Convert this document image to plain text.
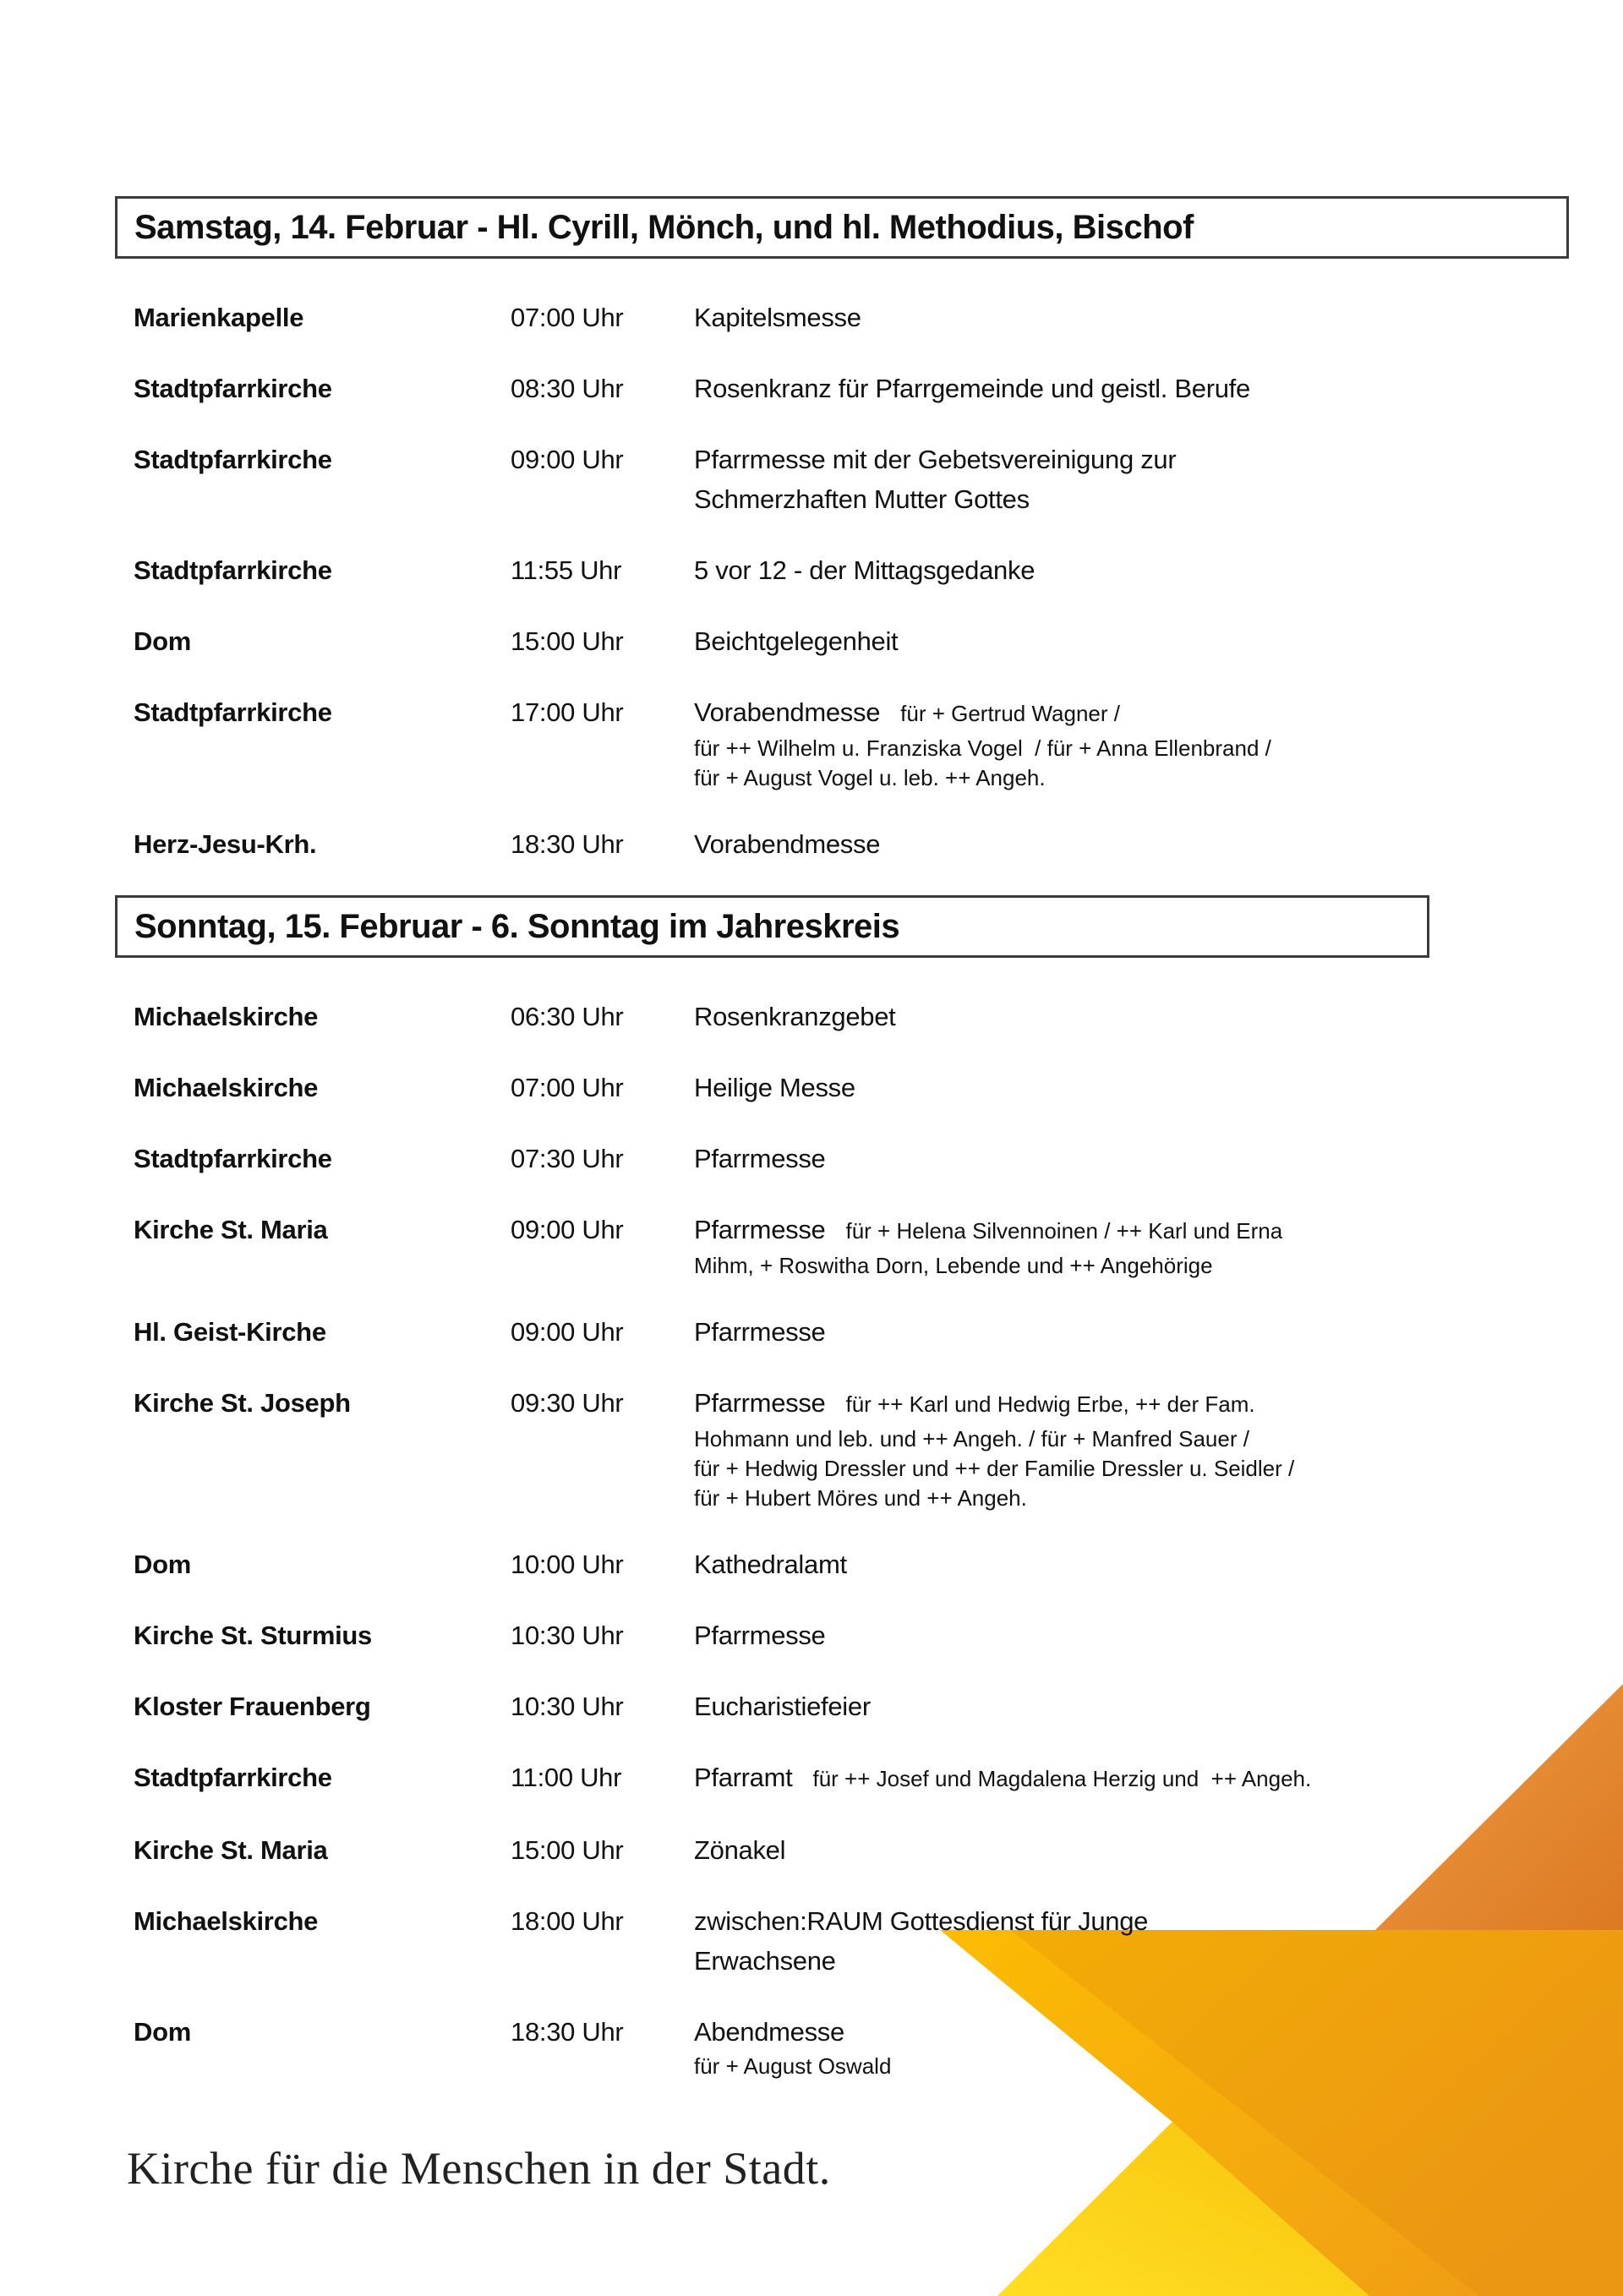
Samstag, 14. Februar - Hl. Cyrill, Mönch, und hl. Methodius, Bischof
Marienkapelle	07:00 Uhr	Kapitelsmesse
Stadtpfarrkirche	08:30 Uhr	Rosenkranz für Pfarrgemeinde und geistl. Berufe
Stadtpfarrkirche	09:00 Uhr	Pfarrmesse mit der Gebetsvereinigung zur
Schmerzhaften Mutter Gottes
Stadtpfarrkirche	11:55 Uhr	5 vor 12 - der Mittagsgedanke
Dom	15:00 Uhr	Beichtgelegenheit
Stadtpfarrkirche	17:00 Uhr	Vorabendmesse für + Gertrud Wagner /
für ++ Wilhelm u. Franziska Vogel  / für + Anna Ellenbrand /
für + August Vogel u. leb. ++ Angeh.
Herz-Jesu-Krh.	18:30 Uhr	Vorabendmesse
Sonntag, 15. Februar - 6. Sonntag im Jahreskreis
Michaelskirche	06:30 Uhr	Rosenkranzgebet
Michaelskirche	07:00 Uhr	Heilige Messe
Stadtpfarrkirche	07:30 Uhr	Pfarrmesse
Kirche St. Maria	09:00 Uhr	Pfarrmesse für + Helena Silvennoinen / ++ Karl und Erna
Mihm, + Roswitha Dorn, Lebende und ++ Angehörige
Hl. Geist-Kirche	09:00 Uhr	Pfarrmesse
Kirche St. Joseph	09:30 Uhr	Pfarrmesse für ++ Karl und Hedwig Erbe, ++ der Fam.
Hohmann und leb. und ++ Angeh. / für + Manfred Sauer /
für + Hedwig Dressler und ++ der Familie Dressler u. Seidler /
für + Hubert Möres und ++ Angeh.
Dom	10:00 Uhr	Kathedralamt
Kirche St. Sturmius	10:30 Uhr	Pfarrmesse
Kloster Frauenberg	10:30 Uhr	Eucharistiefeier
Stadtpfarrkirche	11:00 Uhr	Pfarramt für ++ Josef und Magdalena Herzig und  ++ Angeh.
Kirche St. Maria	15:00 Uhr	Zönakel
Michaelskirche	18:00 Uhr	zwischen:RAUM Gottesdienst für Junge
Erwachsene
Dom	18:30 Uhr	Abendmesse
für + August Oswald
Kirche für die Menschen in der Stadt.
